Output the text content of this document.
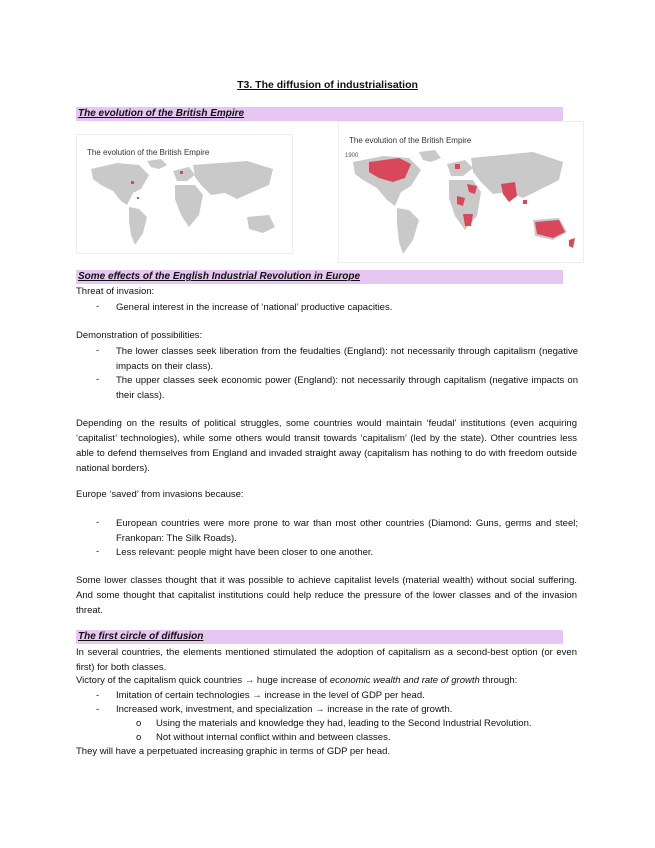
T3. The diffusion of industrialisation
The evolution of the British Empire
The evolution of the British Empire
The evolution of the British Empire
1900
Some effects of the English Industrial Revolution in Europe
Threat of invasion:
- General interest in the increase of ‘national’ productive capacities.
Demonstration of possibilities:
- The lower classes seek liberation from the feudalties (England): not necessarily through capitalism (negative impacts on their class).
- The upper classes seek economic power (England): not necessarily through capitalism (negative impacts on their class).
Depending on the results of political struggles, some countries would maintain ‘feudal’ institutions (even acquiring ‘capitalist’ technologies), while some others would transit towards ‘capitalism’ (led by the state). Other countries less able to defend themselves from England and invaded straight away (capitalism has nothing to do with freedom outside national borders).
Europe ‘saved’ from invasions because:
- European countries were more prone to war than most other countries (Diamond: Guns, germs and steel; Frankopan: The Silk Roads).
- Less relevant: people might have been closer to one another.
Some lower classes thought that it was possible to achieve capitalist levels (material wealth) without social suffering. And some thought that capitalist institutions could help reduce the pressure of the lower classes and of the invasion threat.
The first circle of diffusion
In several countries, the elements mentioned stimulated the adoption of capitalism as a second-best option (or even first) for both classes.
Victory of the capitalism quick countries → huge increase of economic wealth and rate of growth through:
- Imitation of certain technologies → increase in the level of GDP per head.
- Increased work, investment, and specialization → increase in the rate of growth.
o Using the materials and knowledge they had, leading to the Second Industrial Revolution.
o Not without internal conflict within and between classes.
They will have a perpetuated increasing graphic in terms of GDP per head.
